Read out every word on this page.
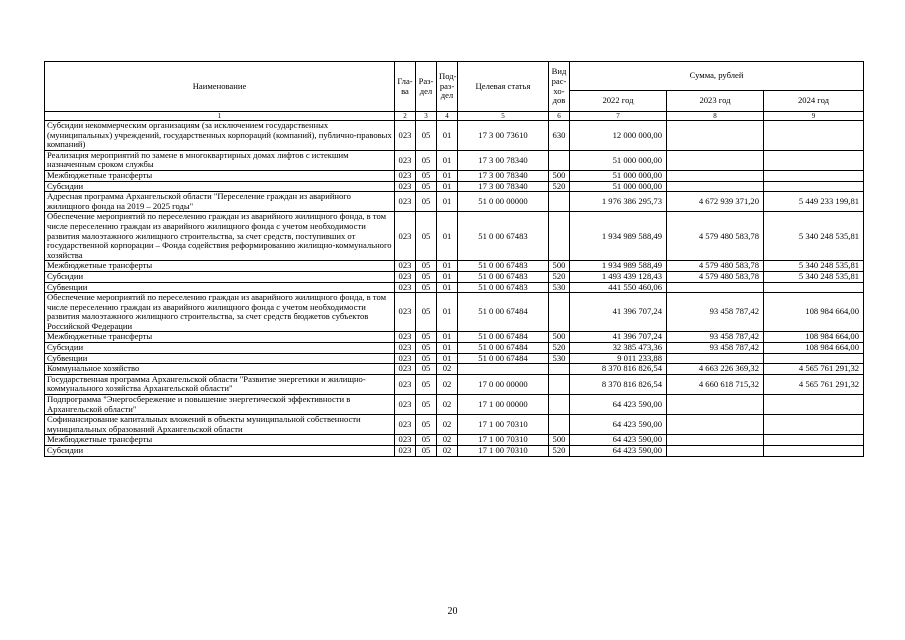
Наименование	Гла-ва	Раз-дел	Под-раз-дел	Целевая статья	Вид рас-хо-дов	Сумма, рублей		
						2022 год	2023 год	2024 год
1	2	3	4	5	6	7	8	9
Субсидии некоммерческим организациям (за исключением государственных (муниципальных) учреждений, государственных корпораций (компаний), публично-правовых компаний)	023	05	01	17 3 00 73610	630	12 000 000,00		
Реализация мероприятий по замене в многоквартирных домах лифтов с истекшим назначенным сроком службы	023	05	01	17 3 00 78340		51 000 000,00		
Межбюджетные трансферты	023	05	01	17 3 00 78340	500	51 000 000,00		
Субсидии	023	05	01	17 3 00 78340	520	51 000 000,00		
Адресная программа Архангельской области "Переселение граждан из аварийного жилищного фонда на 2019 – 2025 годы"	023	05	01	51 0 00 00000		1 976 386 295,73	4 672 939 371,20	5 449 233 199,81
Обеспечение мероприятий по переселению граждан из аварийного жилищного фонда, в том числе переселению граждан из аварийного жилищного фонда с учетом необходимости развития малоэтажного жилищного строительства, за счет средств, поступивших от государственной корпорации – Фонда содействия реформированию жилищно-коммунального хозяйства	023	05	01	51 0 00 67483		1 934 989 588,49	4 579 480 583,78	5 340 248 535,81
Межбюджетные трансферты	023	05	01	51 0 00 67483	500	1 934 989 588,49	4 579 480 583,78	5 340 248 535,81
Субсидии	023	05	01	51 0 00 67483	520	1 493 439 128,43	4 579 480 583,78	5 340 248 535,81
Субвенции	023	05	01	51 0 00 67483	530	441 550 460,06		
Обеспечение мероприятий по переселению граждан из аварийного жилищного фонда, в том числе переселению граждан из аварийного жилищного фонда с учетом необходимости развития малоэтажного жилищного строительства, за счет средств бюджетов субъектов Российской Федерации	023	05	01	51 0 00 67484		41 396 707,24	93 458 787,42	108 984 664,00
Межбюджетные трансферты	023	05	01	51 0 00 67484	500	41 396 707,24	93 458 787,42	108 984 664,00
Субсидии	023	05	01	51 0 00 67484	520	32 385 473,36	93 458 787,42	108 984 664,00
Субвенции	023	05	01	51 0 00 67484	530	9 011 233,88		
Коммунальное хозяйство	023	05	02			8 370 816 826,54	4 663 226 369,32	4 565 761 291,32
Государственная программа Архангельской области "Развитие энергетики и жилищно-коммунального хозяйства Архангельской области"	023	05	02	17 0 00 00000		8 370 816 826,54	4 660 618 715,32	4 565 761 291,32
Подпрограмма "Энергосбережение и повышение энергетической эффективности в Архангельской области"	023	05	02	17 1 00 00000		64 423 590,00		
Софинансирование капитальных вложений в объекты муниципальной собственности муниципальных образований Архангельской области	023	05	02	17 1 00 70310		64 423 590,00		
Межбюджетные трансферты	023	05	02	17 1 00 70310	500	64 423 590,00		
Субсидии	023	05	02	17 1 00 70310	520	64 423 590,00		
20
